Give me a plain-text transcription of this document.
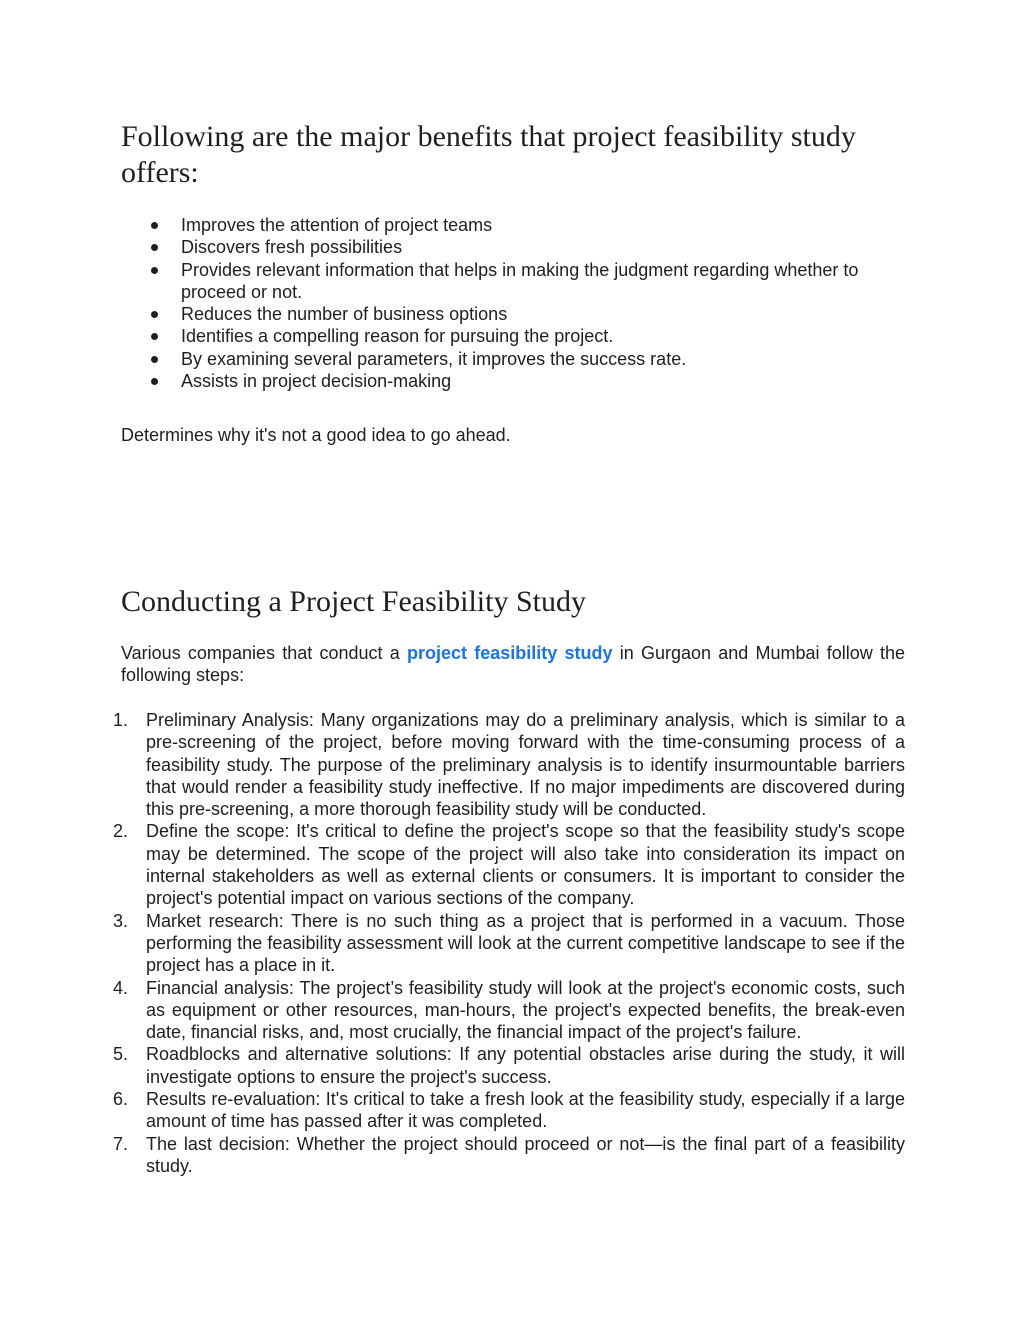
Following are the major benefits that project feasibility study offers:
Improves the attention of project teams
Discovers fresh possibilities
Provides relevant information that helps in making the judgment regarding whether to proceed or not.
Reduces the number of business options
Identifies a compelling reason for pursuing the project.
By examining several parameters, it improves the success rate.
Assists in project decision-making

Determines why it's not a good idea to go ahead.

Conducting a Project Feasibility Study

Various companies that conduct a project feasibility study in Gurgaon and Mumbai follow the following steps:

1. Preliminary Analysis: Many organizations may do a preliminary analysis, which is similar to a pre-screening of the project, before moving forward with the time-consuming process of a feasibility study. The purpose of the preliminary analysis is to identify insurmountable barriers that would render a feasibility study ineffective. If no major impediments are discovered during this pre-screening, a more thorough feasibility study will be conducted.
2. Define the scope: It's critical to define the project's scope so that the feasibility study's scope may be determined. The scope of the project will also take into consideration its impact on internal stakeholders as well as external clients or consumers. It is important to consider the project's potential impact on various sections of the company.
3. Market research: There is no such thing as a project that is performed in a vacuum. Those performing the feasibility assessment will look at the current competitive landscape to see if the project has a place in it.
4. Financial analysis: The project’s feasibility study will look at the project's economic costs, such as equipment or other resources, man-hours, the project's expected benefits, the break-even date, financial risks, and, most crucially, the financial impact of the project's failure.
5. Roadblocks and alternative solutions: If any potential obstacles arise during the study, it will investigate options to ensure the project's success.
6. Results re-evaluation: It's critical to take a fresh look at the feasibility study, especially if a large amount of time has passed after it was completed.
7. The last decision: Whether the project should proceed or not—is the final part of a feasibility study.
